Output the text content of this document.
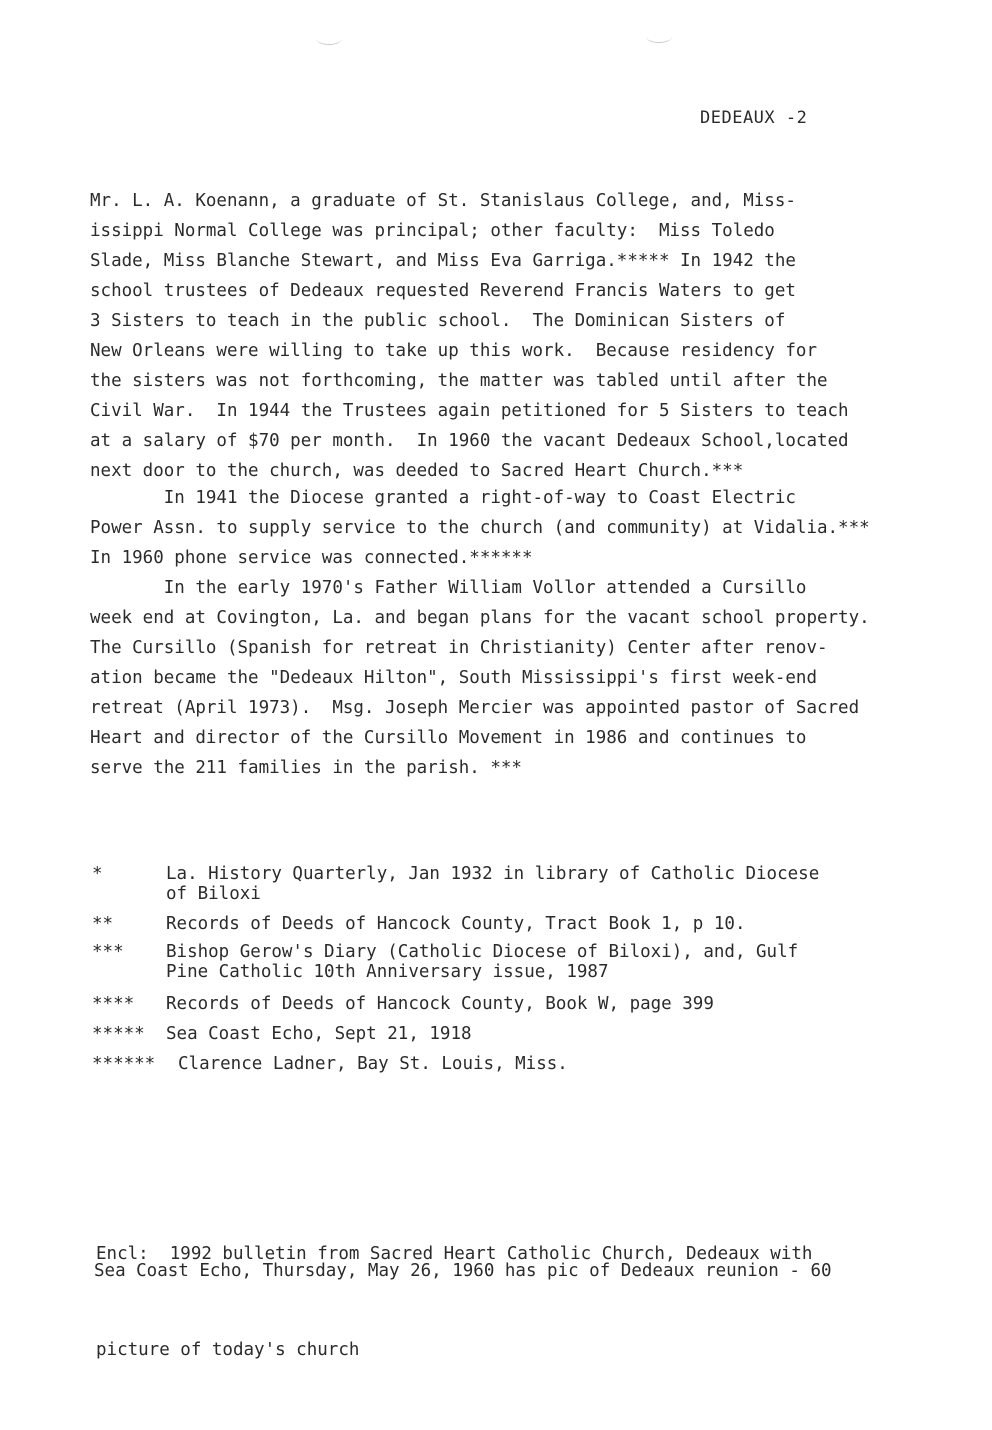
DEDEAUX -2

Mr. L. A. Koenann, a graduate of St. Stanislaus College, and, Miss-
issippi Normal College was principal; other faculty:  Miss Toledo
Slade, Miss Blanche Stewart, and Miss Eva Garriga.***** In 1942 the
school trustees of Dedeaux requested Reverend Francis Waters to get
3 Sisters to teach in the public school.  The Dominican Sisters of
New Orleans were willing to take up this work.  Because residency for
the sisters was not forthcoming, the matter was tabled until after the
Civil War.  In 1944 the Trustees again petitioned for 5 Sisters to teach
at a salary of $70 per month.  In 1960 the vacant Dedeaux School,located
next door to the church, was deeded to Sacred Heart Church.***

In 1941 the Diocese granted a right-of-way to Coast Electric
Power Assn. to supply service to the church (and community) at Vidalia.***
In 1960 phone service was connected.******

In the early 1970's Father William Vollor attended a Cursillo
week end at Covington, La. and began plans for the vacant school property.
The Cursillo (Spanish for retreat in Christianity) Center after renov-
ation became the "Dedeaux Hilton", South Mississippi's first week-end
retreat (April 1973).  Msg. Joseph Mercier was appointed pastor of Sacred
Heart and director of the Cursillo Movement in 1986 and continues to
serve the 211 families in the parish. ***

*	La. History Quarterly, Jan 1932 in library of Catholic Diocese
of Biloxi
**	Records of Deeds of Hancock County, Tract Book 1, p 10.
*** Bishop Gerow's Diary (Catholic Diocese of Biloxi), and, Gulf
Pine Catholic 10th Anniversary issue, 1987
**** Records of Deeds of Hancock County, Book W, page 399
***** Sea Coast Echo, Sept 21, 1918
****** Clarence Ladner, Bay St. Louis, Miss.

Encl:  1992 bulletin from Sacred Heart Catholic Church, Dedeaux with

picture of today's church

Sea Coast Echo, Thursday, May 26, 1960 has pic of Dedeaux reunion - 60
